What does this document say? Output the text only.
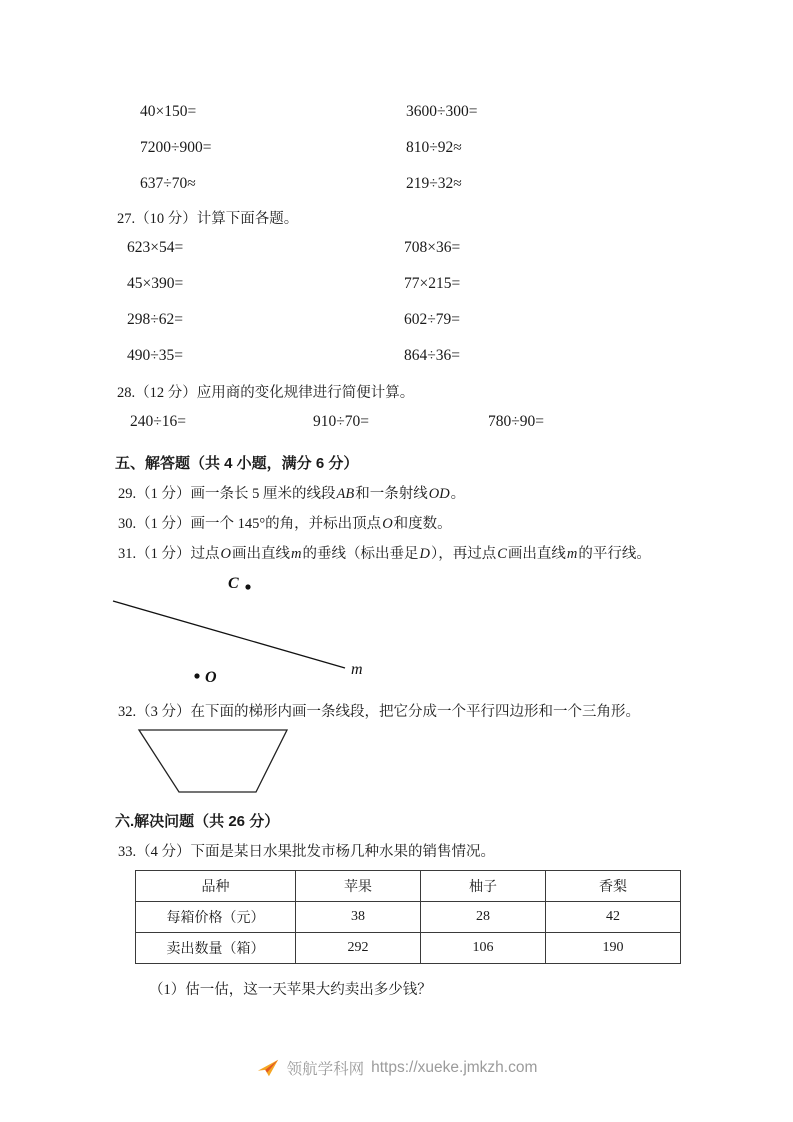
40×150=	3600÷300=
7200÷900=	810÷92≈
637÷70≈	219÷32≈
27.（10 分）计算下面各题。
623×54=	708×36=
45×390=	77×215=
298÷62=	602÷79=
490÷35=	864÷36=
28.（12 分）应用商的变化规律进行简便计算。
240÷16=	910÷70=	780÷90=
五、解答题（共 4 小题，满分 6 分）
29.（1 分）画一条长 5 厘米的线段AB和一条射线OD。
30.（1 分）画一个 145°的角，并标出顶点O和度数。
31.（1 分）过点O画出直线m的垂线（标出垂足D），再过点C画出直线m的平行线。
C
m
O
32.（3 分）在下面的梯形内画一条线段，把它分成一个平行四边形和一个三角形。
六.解决问题（共 26 分）
33.（4 分）下面是某日水果批发市杨几种水果的销售情况。
品种	苹果	柚子	香梨
每箱价格（元）	38	28	42
卖出数量（箱）	292	106	190
（1）估一估，这一天苹果大约卖出多少钱？
领航学科网 https://xueke.jmkzh.com
